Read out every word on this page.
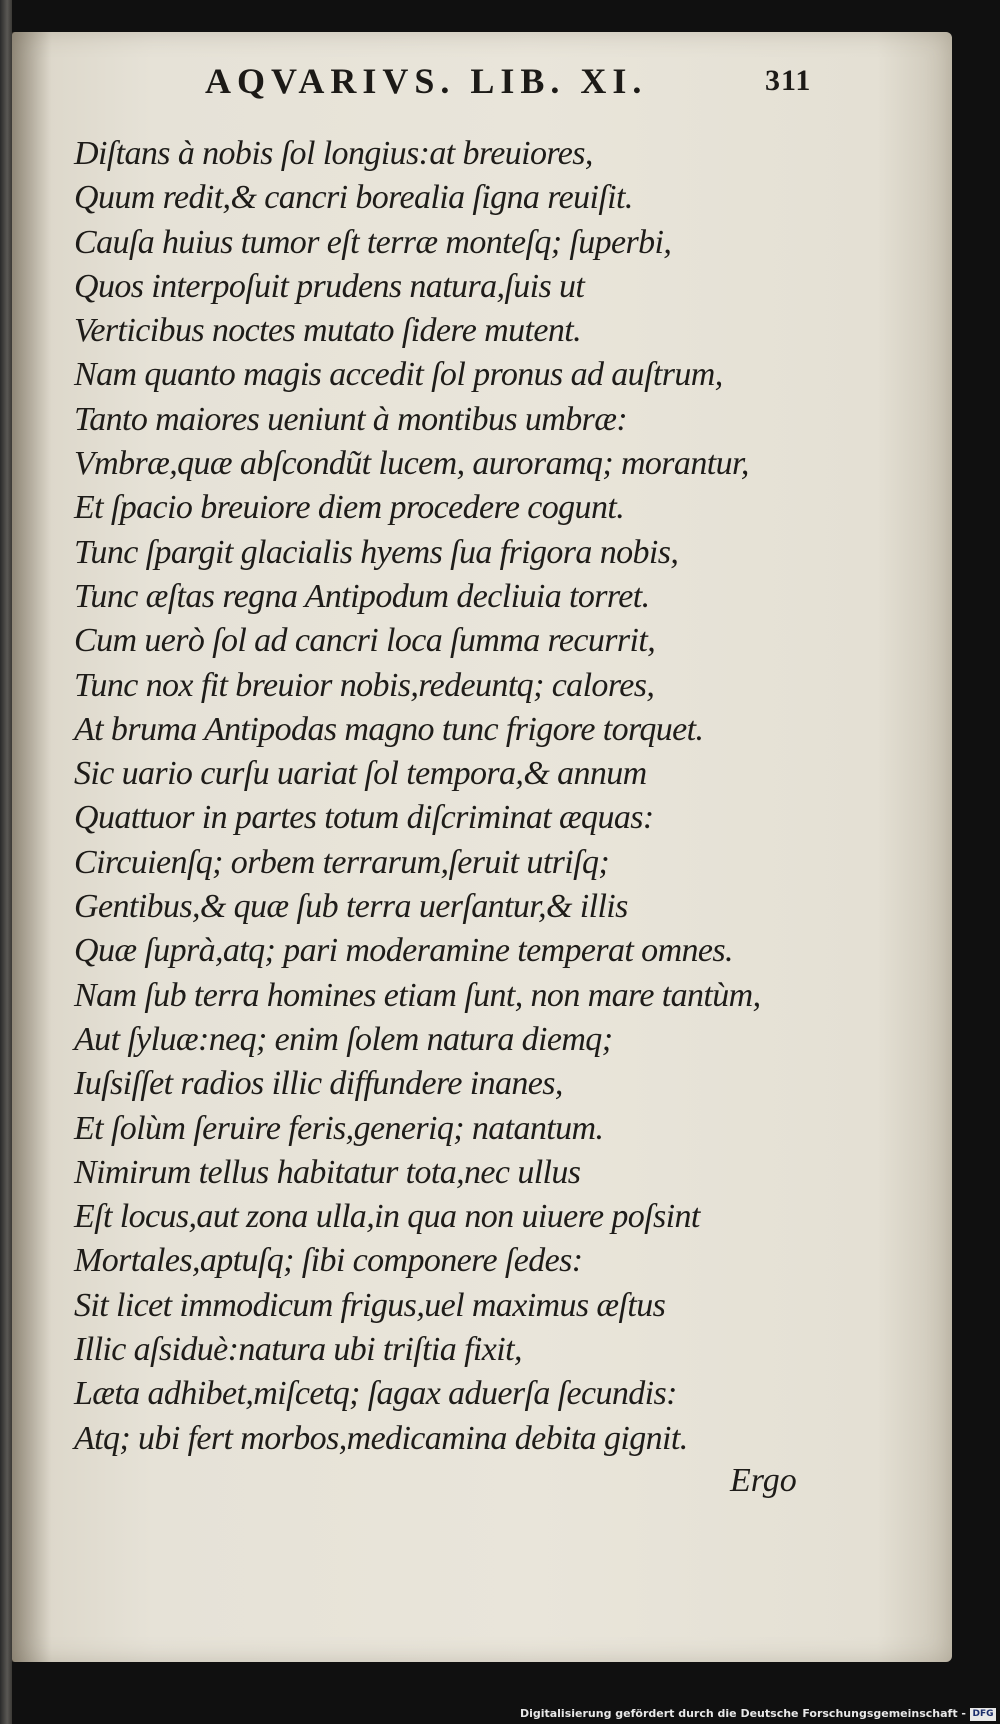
AQVARIVS. LIB. XI.	311
Diſtans à nobis ſol longius:at breuiores,
Quum redit,& cancri borealia ſigna reuiſit.
Cauſa huius tumor eſt terræ monteſq; ſuperbi,
Quos interpoſuit prudens natura,ſuis ut
Verticibus noctes mutato ſidere mutent.
Nam quanto magis accedit ſol pronus ad auſtrum,
Tanto maiores ueniunt à montibus umbræ:
Vmbræ,quæ abſcondũt lucem, auroramq; morantur,
Et ſpacio breuiore diem procedere cogunt.
Tunc ſpargit glacialis hyems ſua frigora nobis,
Tunc æſtas regna Antipodum decliuia torret.
Cum uerò ſol ad cancri loca ſumma recurrit,
Tunc nox fit breuior nobis,redeuntq; calores,
At bruma Antipodas magno tunc frigore torquet.
Sic uario curſu uariat ſol tempora,& annum
Quattuor in partes totum diſcriminat æquas:
Circuienſq; orbem terrarum,ſeruit utriſq;
Gentibus,& quæ ſub terra uerſantur,& illis
Quæ ſuprà,atq; pari moderamine temperat omnes.
Nam ſub terra homines etiam ſunt, non mare tantùm,
Aut ſyluæ:neq; enim ſolem natura diemq;
Iuſsiſſet radios illic diffundere inanes,
Et ſolùm ſeruire feris,generiq; natantum.
Nimirum tellus habitatur tota,nec ullus
Eſt locus,aut zona ulla,in qua non uiuere poſsint
Mortales,aptuſq; ſibi componere ſedes:
Sit licet immodicum frigus,uel maximus æſtus
Illic aſsiduè:natura ubi triſtia fixit,
Læta adhibet,miſcetq; ſagax aduerſa ſecundis:
Atq; ubi fert morbos,medicamina debita gignit.
Ergo
Digitalisierung gefördert durch die Deutsche Forschungsgemeinschaft - DFG
